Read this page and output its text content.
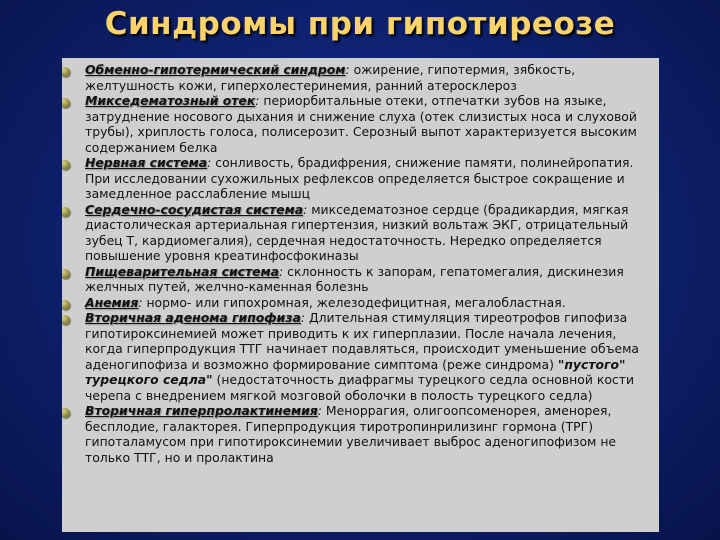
Синдромы при гипотиреозе
Обменно-гипотермический синдром: ожирение, гипотермия, зябкость, желтушность кожи, гиперхолестеринемия, ранний атеросклероз
Микседематозный отек: периорбитальные отеки, отпечатки зубов на языке, затруднение носового дыхания и снижение слуха (отек слизистых носа и слуховой трубы), хриплость голоса, полисерозит. Серозный выпот характеризуется высоким содержанием белка
Нервная система: сонливость, брадифрения, снижение памяти, полинейропатия. При исследовании сухожильных рефлексов определяется быстрое сокращение и замедленное расслабление мышц
Сердечно-сосудистая система: микседематозное сердце (брадикардия, мягкая диастолическая артериальная гипертензия, низкий вольтаж ЭКГ, отрицательный зубец Т, кардиомегалия), сердечная недостаточность. Нередко определяется повышение уровня креатинфосфокиназы
Пищеварительная система: склонность к запорам, гепатомегалия, дискинезия желчных путей, желчно-каменная болезнь
Анемия: нормо- или гипохромная, железодефицитная, мегалобластная.
Вторичная аденома гипофиза: Длительная стимуляция тиреотрофов гипофиза гипотироксинемией может приводить к их гиперплазии. После начала лечения, когда гиперпродукция ТТГ начинает подавляться, происходит уменьшение объема аденогипофиза и возможно формирование симптома (реже синдрома) "пустого" турецкого седла" (недостаточность диафрагмы турецкого седла основной кости черепа с внедрением мягкой мозговой оболочки в полость турецкого седла)
Вторичная гиперпролактинемия: Меноррагия, олигоопсоменорея, аменорея, бесплодие, галакторея. Гиперпродукция тиротропинрилизинг гормона (ТРГ) гипоталамусом при гипотироксинемии увеличивает выброс аденогипофизом не только ТТГ, но и пролактина
